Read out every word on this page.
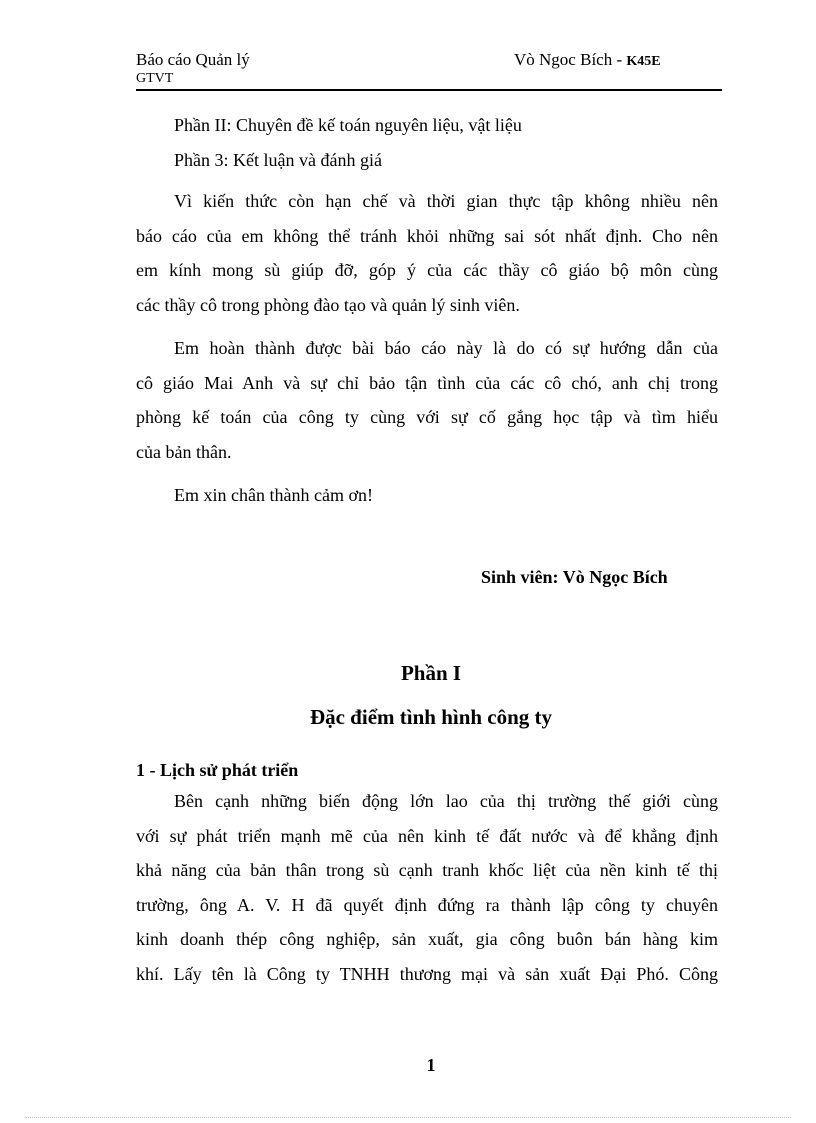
Báo cáo Quản lý
GTVT
Vò Ngoc Bích - K45E
Phần II: Chuyên đề kế toán nguyên liệu, vật liệu
Phần 3: Kết luận và đánh giá
Vì kiến thức còn hạn chế và thời gian thực tập không nhiều nên
báo cáo của em không thể tránh khỏi những sai sót nhất định. Cho nên
em kính mong sù giúp đỡ, góp ý của các thầy cô giáo bộ môn cùng
các thầy cô trong phòng đào tạo và quản lý sinh viên.
Em hoàn thành được bài báo cáo này là do có sự hướng dẫn của
cô giáo Mai Anh và sự chỉ bảo tận tình của các cô chó, anh chị trong
phòng kế toán của công ty cùng với sự cố gắng học tập và tìm hiểu
của bản thân.
Em xin chân thành cảm ơn!
Sinh viên: Vò Ngọc Bích
Phần I
Đặc điểm tình hình công ty
1 - Lịch sử phát triển
Bên cạnh những biến động lớn lao của thị trường thế giới cùng
với sự phát triển mạnh mẽ của nên kinh tế đất nước và để khẳng định
khả năng của bản thân trong sù cạnh tranh khốc liệt của nền kinh tế thị
trường, ông A. V. H đã quyết định đứng ra thành lập công ty chuyên
kinh doanh thép công nghiệp, sản xuất, gia công buôn bán hàng kim
khí. Lấy tên là Công ty TNHH thương mại và sản xuất Đại Phó. Công
1
